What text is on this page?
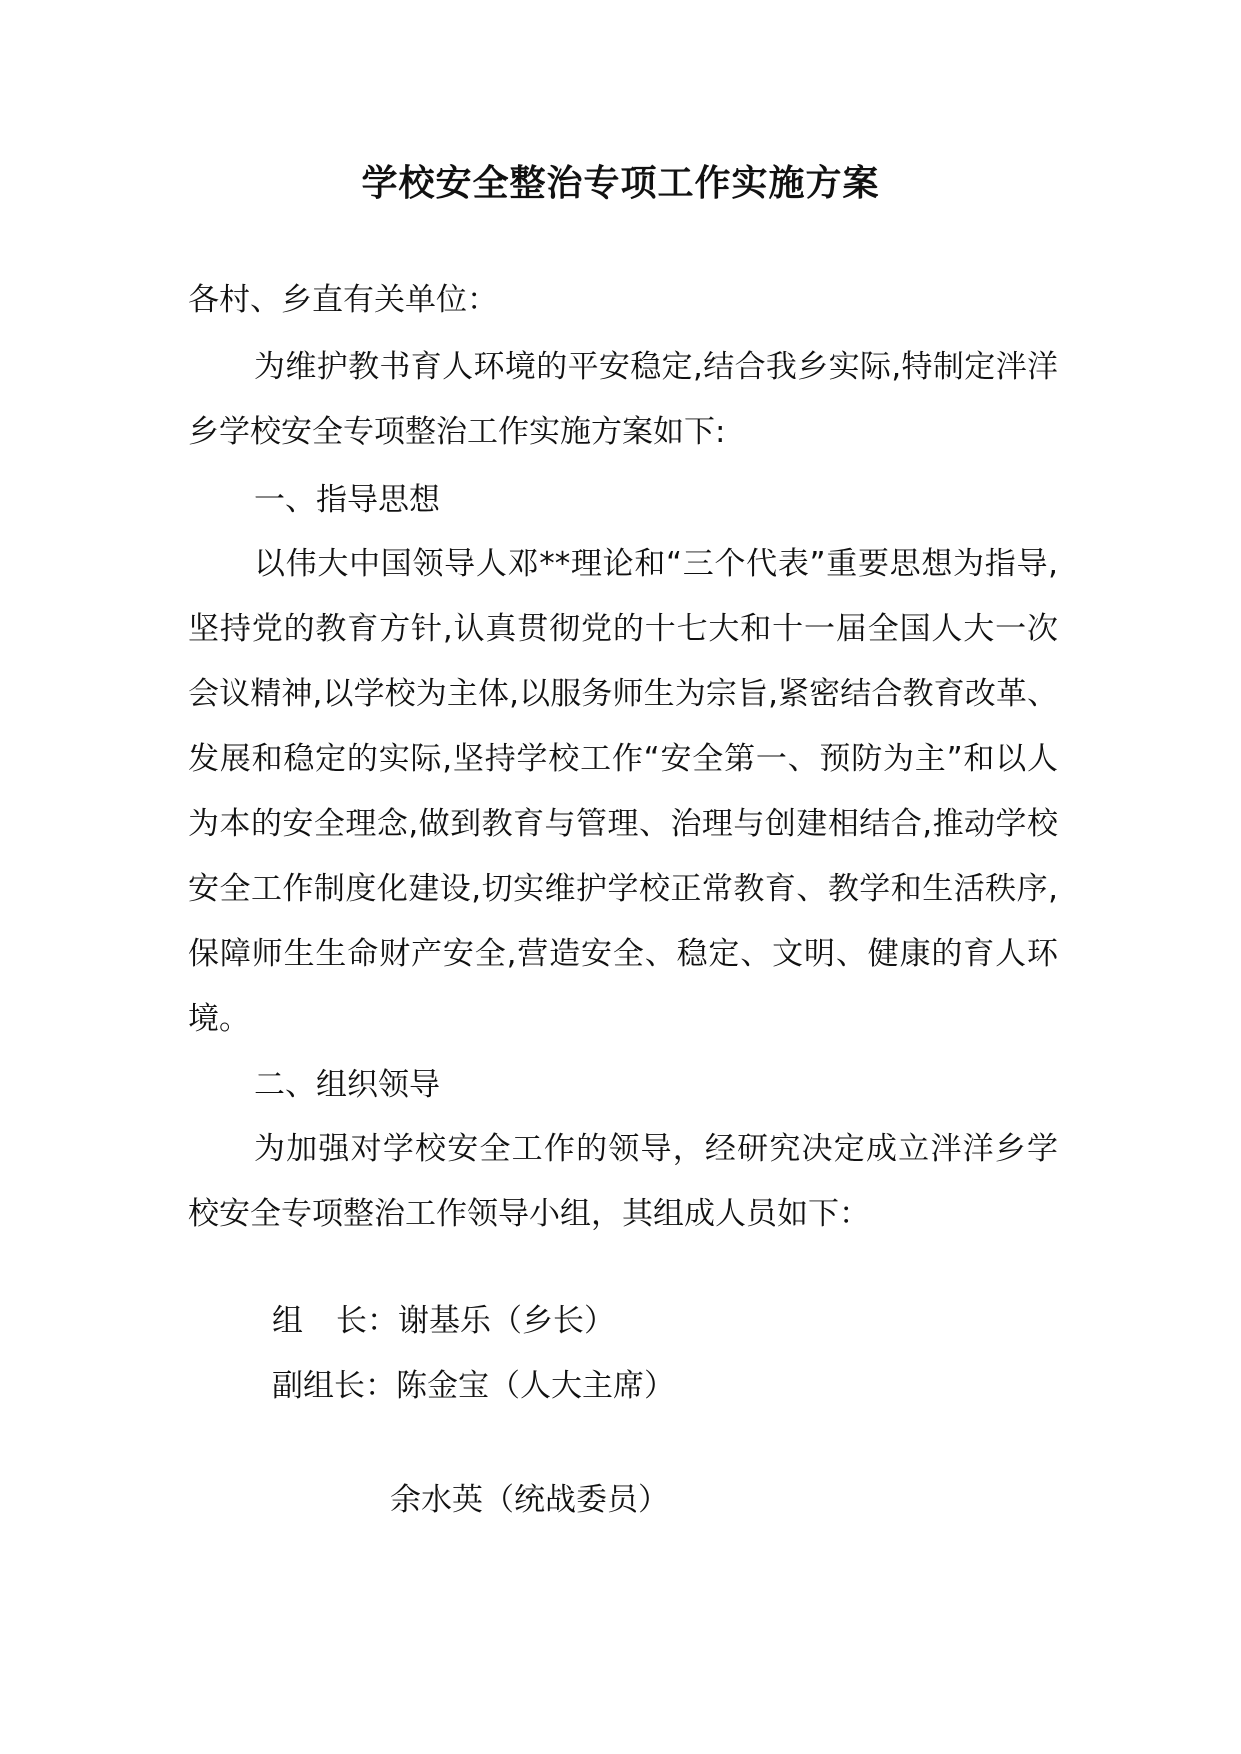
学校安全整治专项工作实施方案
各村、乡直有关单位：

为维护教书育人环境的平安稳定,结合我乡实际,特制定泮洋乡学校安全专项整治工作实施方案如下:

一、指导思想

以伟大中国领导人邓**理论和“三个代表”重要思想为指导,坚持党的教育方针,认真贯彻党的十七大和十一届全国人大一次会议精神,以学校为主体,以服务师生为宗旨,紧密结合教育改革、发展和稳定的实际,坚持学校工作“安全第一、预防为主”和以人为本的安全理念,做到教育与管理、治理与创建相结合,推动学校安全工作制度化建设,切实维护学校正常教育、教学和生活秩序,保障师生生命财产安全,营造安全、稳定、文明、健康的育人环境。

二、组织领导

为加强对学校安全工作的领导，经研究决定成立泮洋乡学校安全专项整治工作领导小组，其组成人员如下：

组 长：谢基乐（乡长）
副组长：陈金宝（人大主席）
余水英（统战委员）
